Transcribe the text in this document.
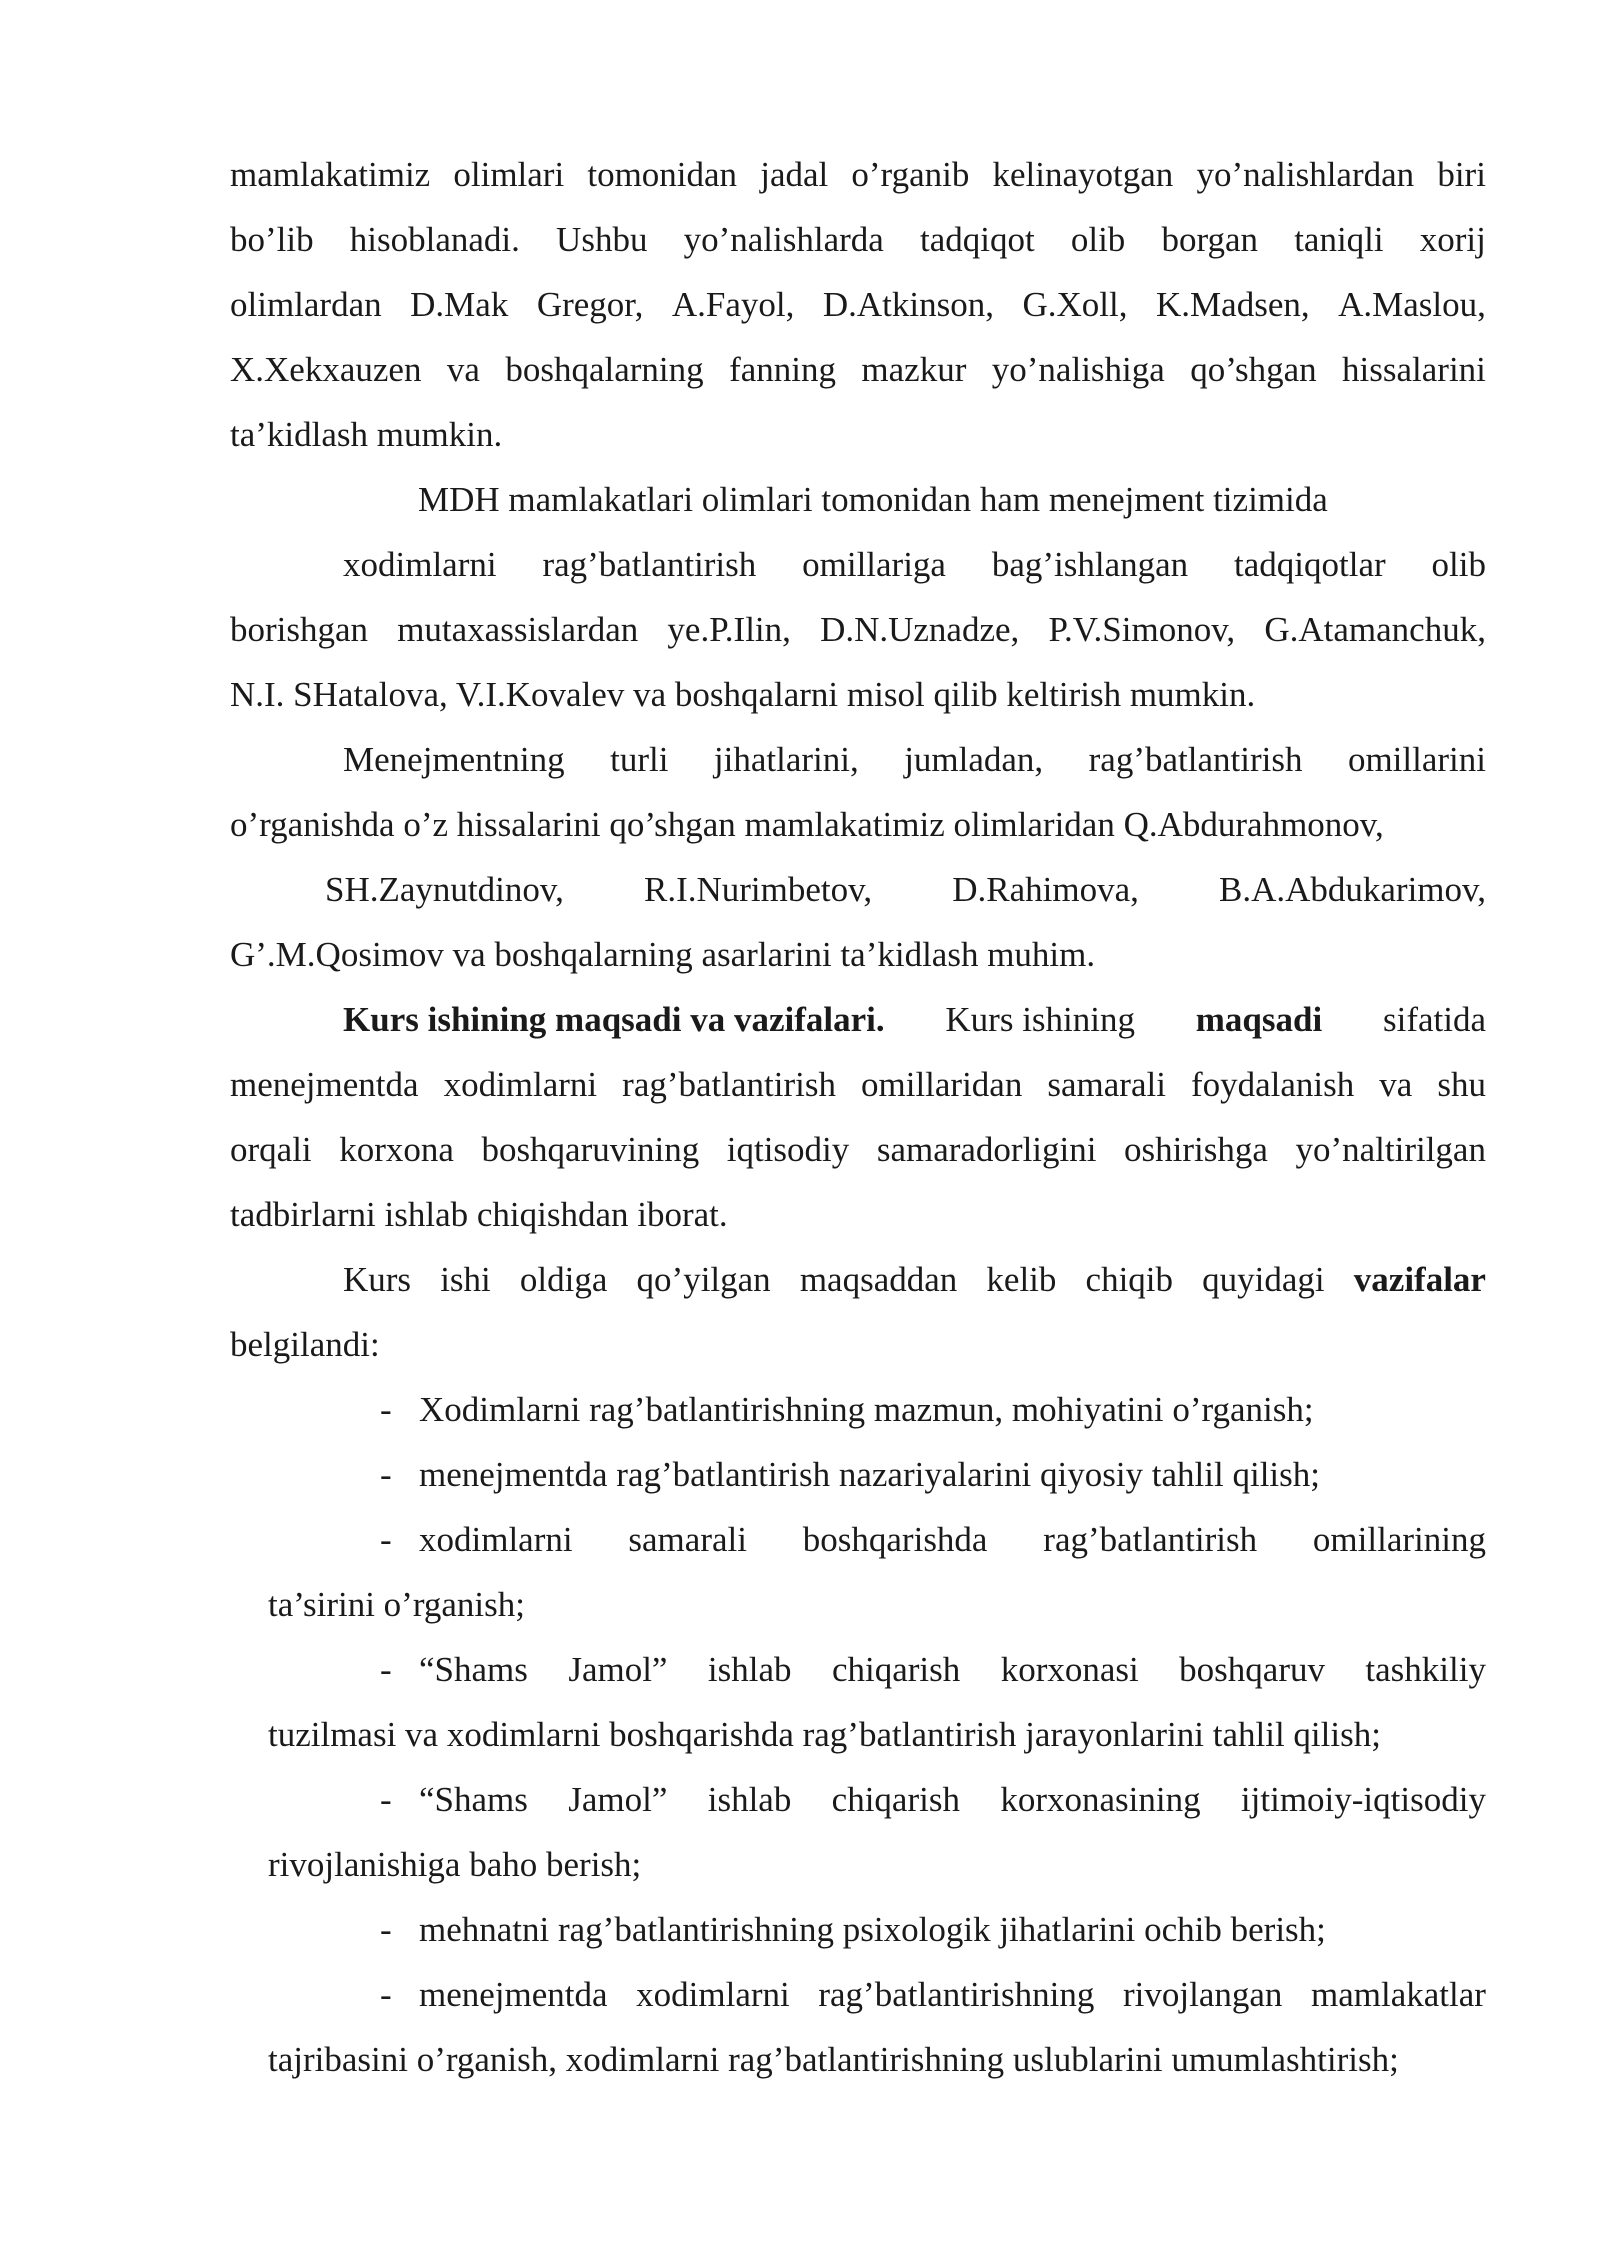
mamlakatimiz olimlari tomonidan jadal o’rganib kelinayotgan yo’nalishlardan biri
bo’lib hisoblanadi. Ushbu yo’nalishlarda tadqiqot olib borgan taniqli xorij
olimlardan D.Mak Gregor, A.Fayol, D.Atkinson, G.Xoll, K.Madsen, A.Maslou,
X.Xekxauzen va boshqalarning fanning mazkur yo’nalishiga qo’shgan hissalarini
ta’kidlash mumkin.
MDH mamlakatlari olimlari tomonidan ham menejment tizimida
xodimlarni rag’batlantirish omillariga bag’ishlangan tadqiqotlar olib
borishgan mutaxassislardan ye.P.Ilin, D.N.Uznadze, P.V.Simonov, G.Atamanchuk,
N.I. SHatalova, V.I.Kovalev va boshqalarni misol qilib keltirish mumkin.
Menejmentning turli jihatlarini, jumladan, rag’batlantirish omillarini
o’rganishda o’z hissalarini qo’shgan mamlakatimiz olimlaridan Q.Abdurahmonov,
SH.Zaynutdinov, R.I.Nurimbetov, D.Rahimova, B.A.Abdukarimov,
G’.M.Qosimov va boshqalarning asarlarini ta’kidlash muhim.
Kurs ishining maqsadi va vazifalari. Kurs ishining maqsadi sifatida
menejmentda xodimlarni rag’batlantirish omillaridan samarali foydalanish va shu
orqali korxona boshqaruvining iqtisodiy samaradorligini oshirishga yo’naltirilgan
tadbirlarni ishlab chiqishdan iborat.
Kurs ishi oldiga qo’yilgan maqsaddan kelib chiqib quyidagi vazifalar
belgilandi:
- Xodimlarni rag’batlantirishning mazmun, mohiyatini o’rganish;
- menejmentda rag’batlantirish nazariyalarini qiyosiy tahlil qilish;
- xodimlarni samarali boshqarishda rag’batlantirish omillarining
ta’sirini o’rganish;
- “Shams Jamol” ishlab chiqarish korxonasi boshqaruv tashkiliy
tuzilmasi va xodimlarni boshqarishda rag’batlantirish jarayonlarini tahlil qilish;
- “Shams Jamol” ishlab chiqarish korxonasining ijtimoiy-iqtisodiy
rivojlanishiga baho berish;
- mehnatni rag’batlantirishning psixologik jihatlarini ochib berish;
- menejmentda xodimlarni rag’batlantirishning rivojlangan mamlakatlar
tajribasini o’rganish, xodimlarni rag’batlantirishning uslublarini umumlashtirish;
